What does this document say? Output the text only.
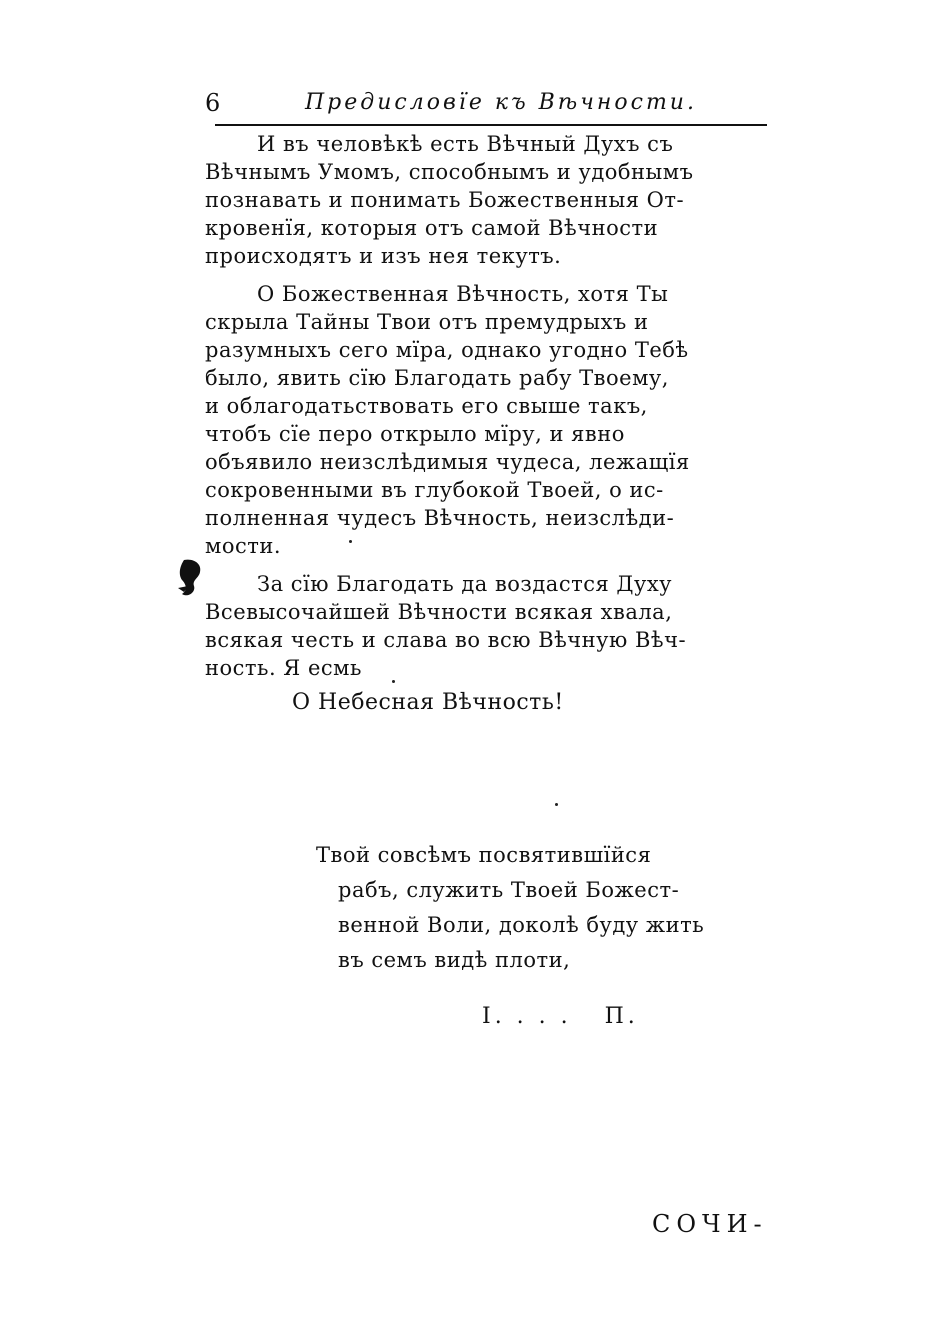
6	Предисловїе къ Вѣчности.
И въ человѣкѣ есть Вѣчный Духъ съ
Вѣчнымъ Умомъ, способнымъ и удобнымъ
познавать и понимать Божественныя От-
кровенїя, которыя отъ самой Вѣчности
происходятъ и изъ нея текутъ.
О Божественная Вѣчность, хотя Ты
скрыла Тайны Твои отъ премудрыхъ и
разумныхъ сего мїра, однако угодно Тебѣ
было, явить сїю Благодать рабу Твоему,
и облагодатьствовать его свыше такъ,
чтобъ сїе перо открыло мїру, и явно
объявило неизслѣдимыя чудеса, лежащїя
сокровенными въ глубокой Твоей, о ис-
полненная чудесъ Вѣчность, неизслѣди-
мости.
За сїю Благодать да воздастся Духу
Всевысочайшей Вѣчности всякая хвала,
всякая честь и слава во всю Вѣчную Вѣч-
ность. Я есмь
О Небесная Вѣчность!
Твой совсѣмъ посвятившїйся
рабъ, служить Твоей Божест-
венной Воли, доколѣ буду жить
въ семъ видѣ плоти,
I. . . .   П.
СОЧИ-
